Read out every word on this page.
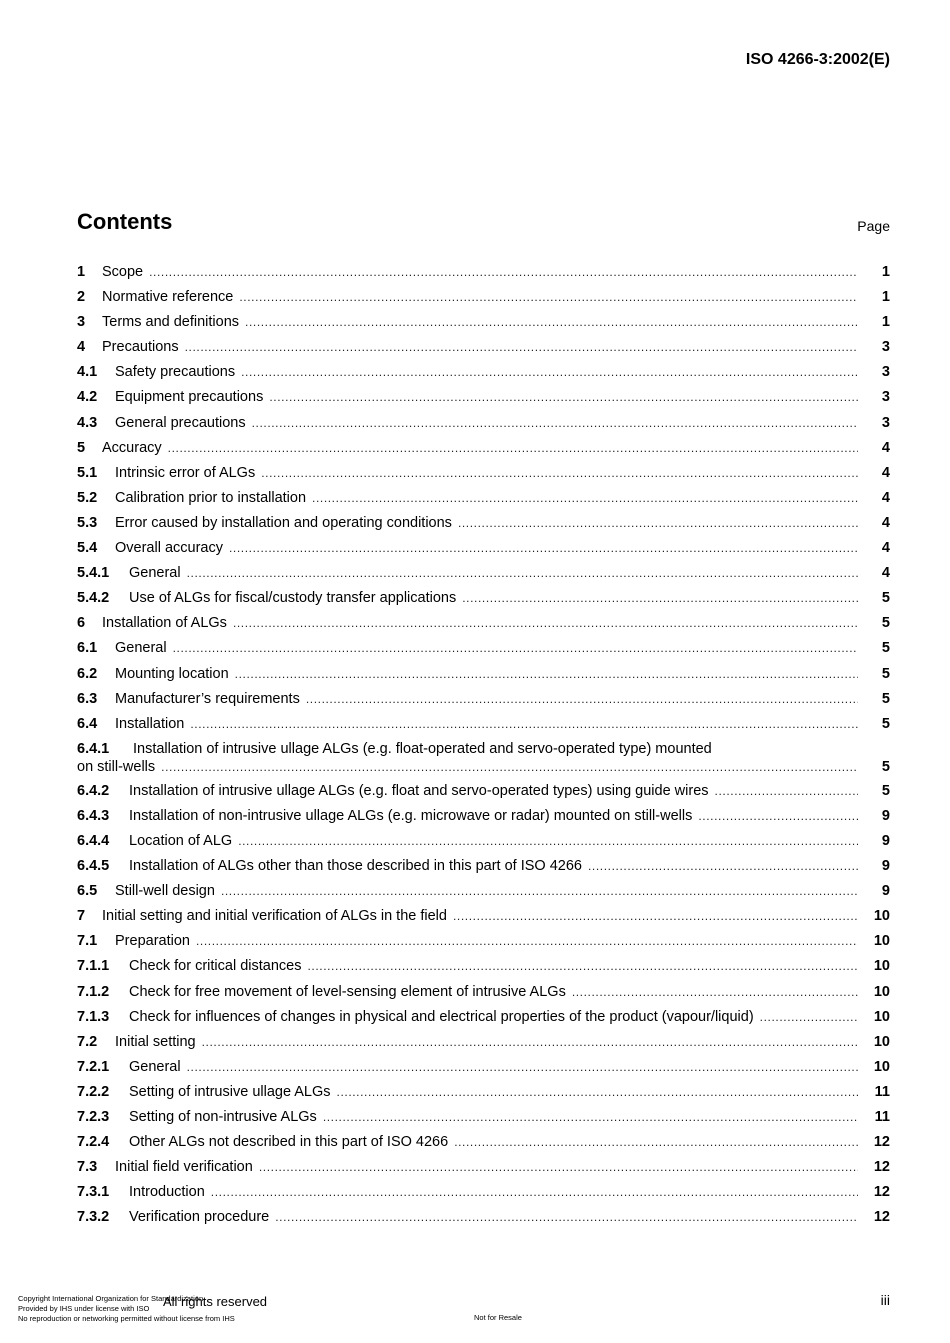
ISO 4266-3:2002(E)
Contents	Page
1	Scope .....	1
2	Normative reference .....	1
3	Terms and definitions .....	1
4	Precautions .....	3
4.1	Safety precautions .....	3
4.2	Equipment precautions .....	3
4.3	General precautions .....	3
5	Accuracy .....	4
5.1	Intrinsic error of ALGs .....	4
5.2	Calibration prior to installation .....	4
5.3	Error caused by installation and operating conditions .....	4
5.4	Overall accuracy .....	4
5.4.1	General .....	4
5.4.2	Use of ALGs for fiscal/custody transfer applications .....	5
6	Installation of ALGs .....	5
6.1	General .....	5
6.2	Mounting location .....	5
6.3	Manufacturer’s requirements .....	5
6.4	Installation .....	5
6.4.1	Installation of intrusive ullage ALGs (e.g. float-operated and servo-operated type) mounted
on still-wells .....	5
6.4.2	Installation of intrusive ullage ALGs (e.g. float and servo-operated types) using guide wires .....	5
6.4.3	Installation of non-intrusive ullage ALGs (e.g. microwave or radar) mounted on still-wells .....	9
6.4.4	Location of ALG .....	9
6.4.5	Installation of ALGs other than those described in this part of ISO 4266 .....	9
6.5	Still-well design .....	9
7	Initial setting and initial verification of ALGs in the field .....	10
7.1	Preparation .....	10
7.1.1	Check for critical distances .....	10
7.1.2	Check for free movement of level-sensing element of intrusive ALGs .....	10
7.1.3	Check for influences of changes in physical and electrical properties of the product (vapour/liquid) .....	10
7.2	Initial setting .....	10
7.2.1	General .....	10
7.2.2	Setting of intrusive ullage ALGs .....	11
7.2.3	Setting of non-intrusive ALGs .....	11
7.2.4	Other ALGs not described in this part of ISO 4266 .....	12
7.3	Initial field verification .....	12
7.3.1	Introduction .....	12
7.3.2	Verification procedure .....	12
Copyright International Organization for Standardization
Provided by IHS under license with ISO
No reproduction or networking permitted without license from IHS
All rights reserved
Not for Resale
iii
